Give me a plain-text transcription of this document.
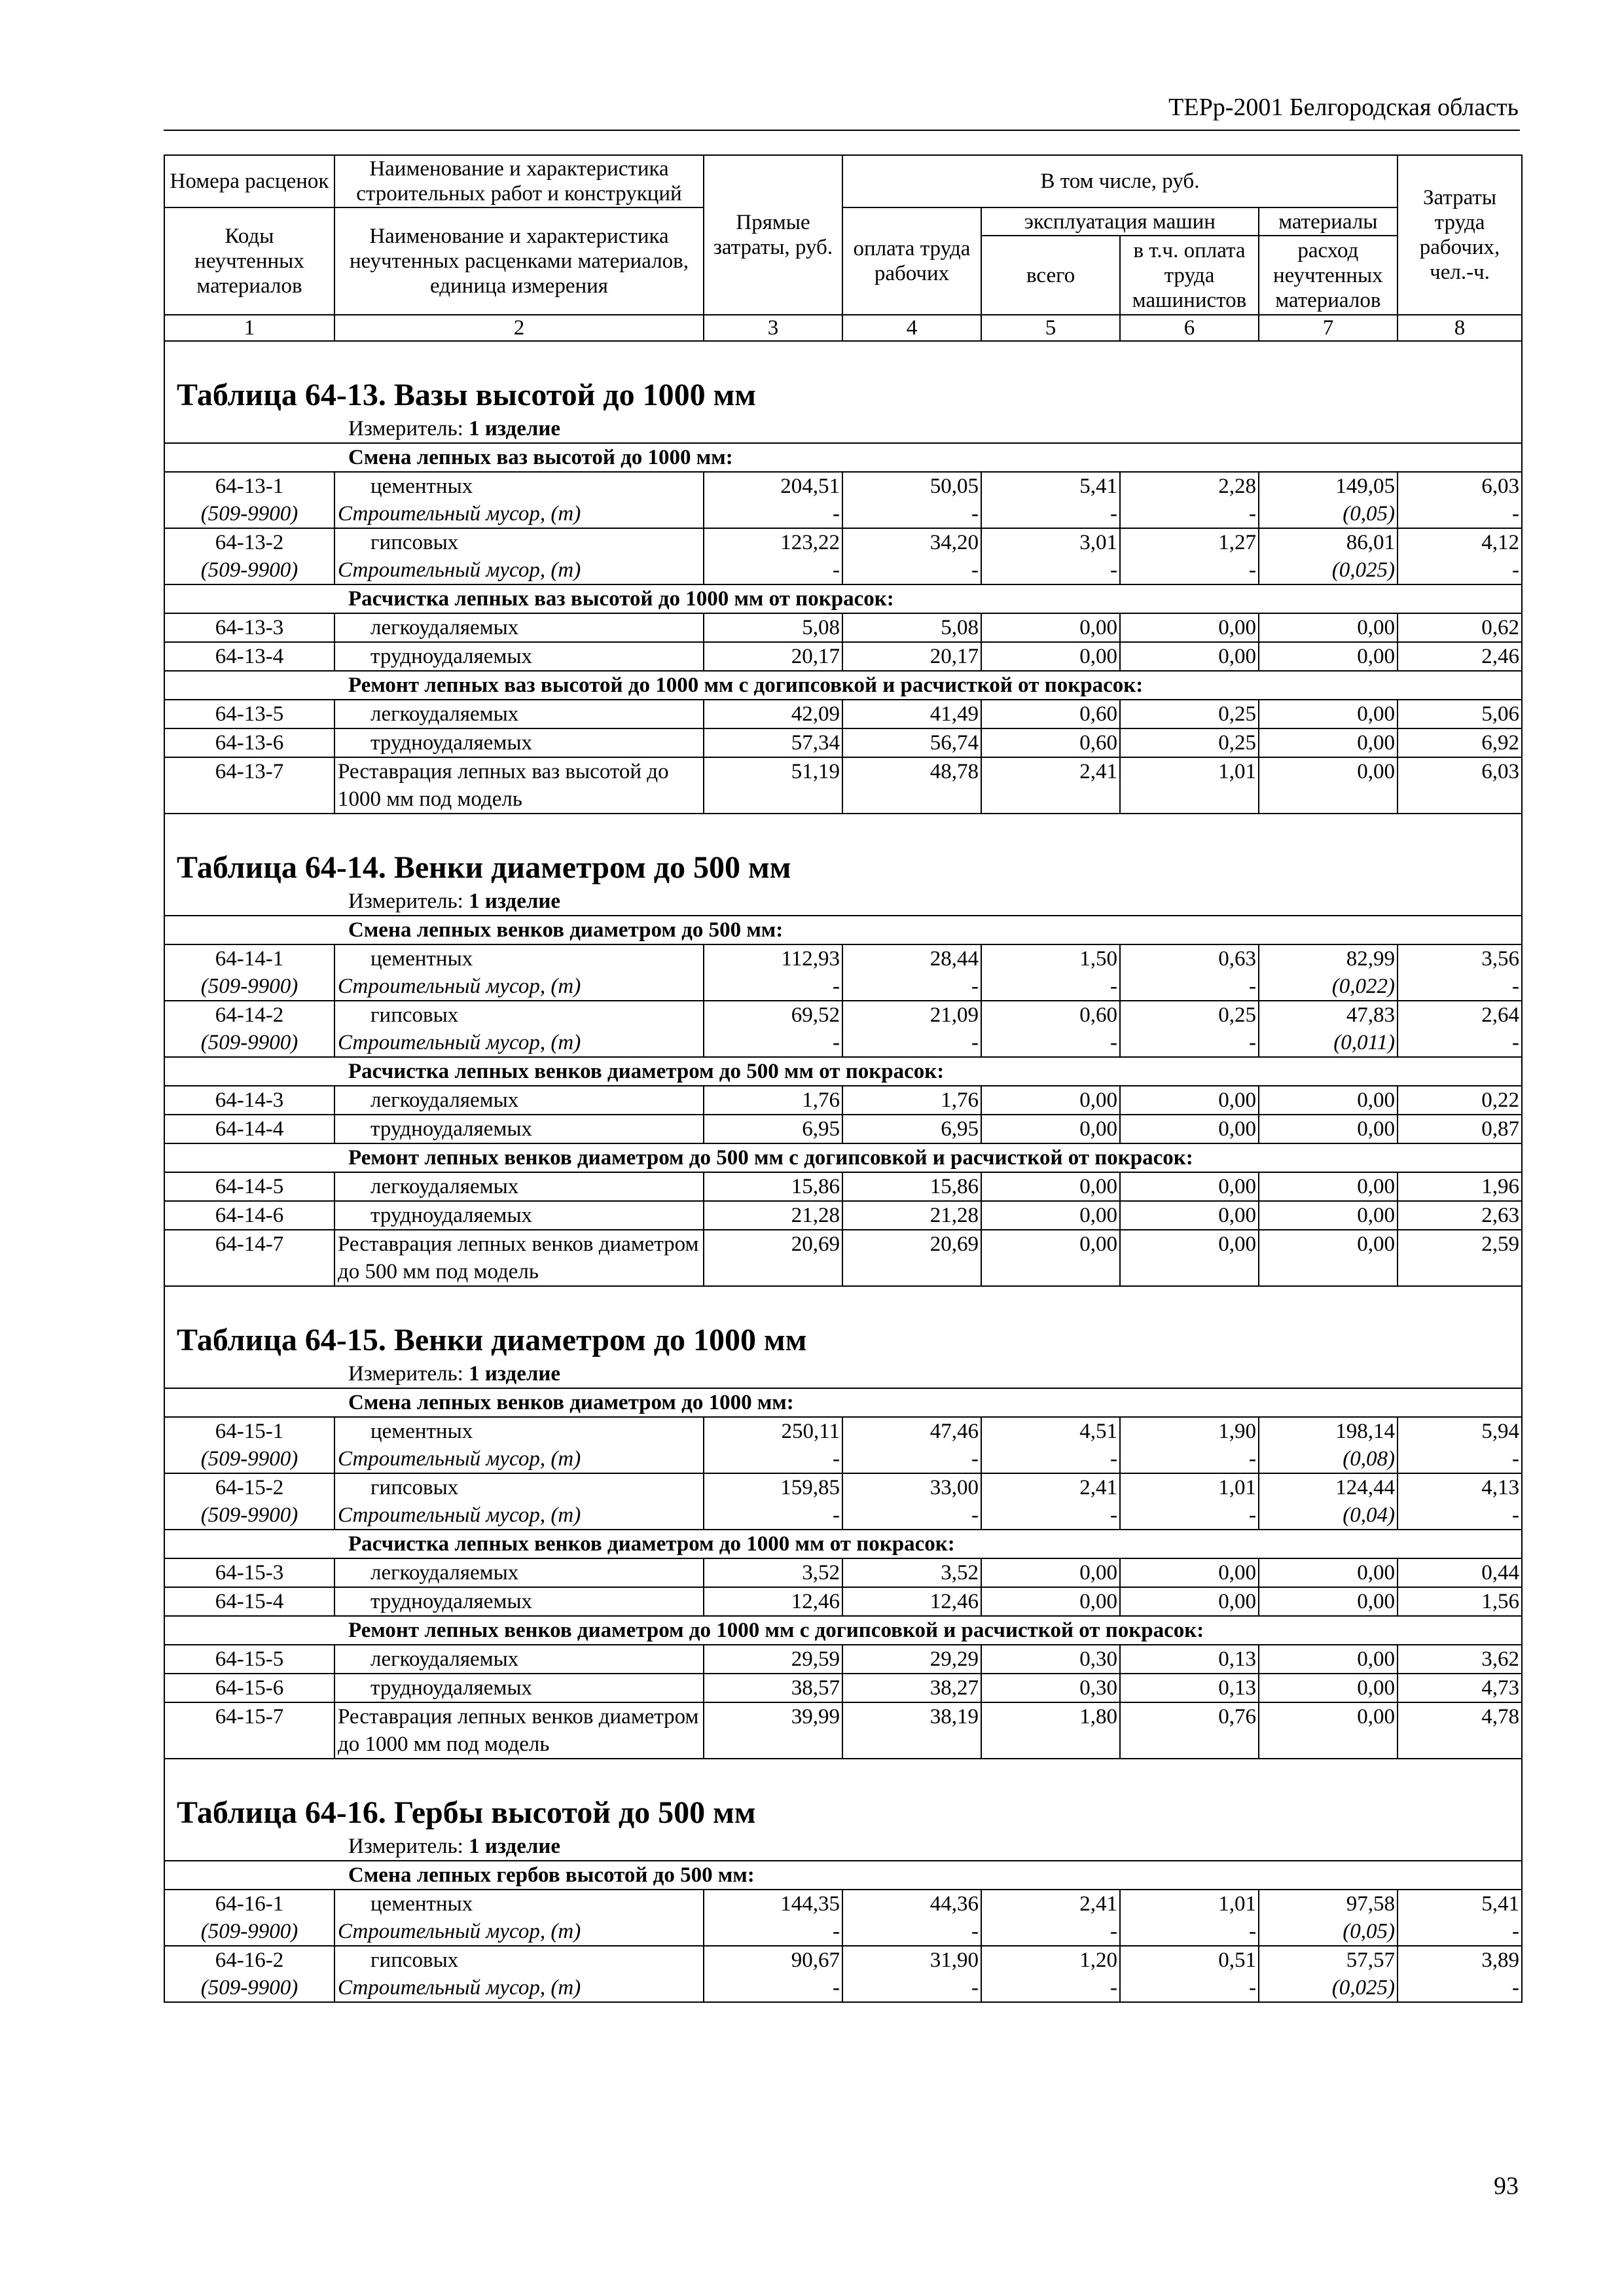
ТЕРр-2001 Белгородская область
Номера расценок	Наименование и характеристика строительных работ и конструкций	Прямые затраты, руб.	В том числе, руб.	Затраты труда рабочих, чел.-ч.

Коды неучтенных материалов	Наименование и характеристика неучтенных расценками материалов, единица измерения	оплата труда рабочих	
эксплуатация машин	материалы
всего	в т.ч. оплата труда машинистов	расход неучтенных материалов

1	2	3	4	5	6	7	8
Таблица 64-13. Вазы высотой до 1000 мм
Измеритель: 1 изделие
Смена лепных ваз высотой до 1000 мм:
64-13-1	цементных	204,51	50,05	5,41	2,28	149,05	6,03
(509-9900)	Строительный мусор, (т)	-	-	-	-	(0,05)	-
64-13-2	гипсовых	123,22	34,20	3,01	1,27	86,01	4,12
(509-9900)	Строительный мусор, (т)	-	-	-	-	(0,025)	-
Расчистка лепных ваз высотой до 1000 мм от покрасок:
64-13-3	легкоудаляемых	5,08	5,08	0,00	0,00	0,00	0,62
64-13-4	трудноудаляемых	20,17	20,17	0,00	0,00	0,00	2,46
Ремонт лепных ваз высотой до 1000 мм с догипсовкой и расчисткой от покрасок:
64-13-5	легкоудаляемых	42,09	41,49	0,60	0,25	0,00	5,06
64-13-6	трудноудаляемых	57,34	56,74	0,60	0,25	0,00	6,92
64-13-7	Реставрация лепных ваз высотой до 1000 мм под модель	51,19	48,78	2,41	1,01	0,00	6,03
Таблица 64-14. Венки диаметром до 500 мм
Измеритель: 1 изделие
Смена лепных венков диаметром до 500 мм:
64-14-1	цементных	112,93	28,44	1,50	0,63	82,99	3,56
(509-9900)	Строительный мусор, (т)	-	-	-	-	(0,022)	-
64-14-2	гипсовых	69,52	21,09	0,60	0,25	47,83	2,64
(509-9900)	Строительный мусор, (т)	-	-	-	-	(0,011)	-
Расчистка лепных венков диаметром до 500 мм от покрасок:
64-14-3	легкоудаляемых	1,76	1,76	0,00	0,00	0,00	0,22
64-14-4	трудноудаляемых	6,95	6,95	0,00	0,00	0,00	0,87
Ремонт лепных венков диаметром до 500 мм с догипсовкой и расчисткой от покрасок:
64-14-5	легкоудаляемых	15,86	15,86	0,00	0,00	0,00	1,96
64-14-6	трудноудаляемых	21,28	21,28	0,00	0,00	0,00	2,63
64-14-7	Реставрация лепных венков диаметром до 500 мм под модель	20,69	20,69	0,00	0,00	0,00	2,59
Таблица 64-15. Венки диаметром до 1000 мм
Измеритель: 1 изделие
Смена лепных венков диаметром до 1000 мм:
64-15-1	цементных	250,11	47,46	4,51	1,90	198,14	5,94
(509-9900)	Строительный мусор, (т)	-	-	-	-	(0,08)	-
64-15-2	гипсовых	159,85	33,00	2,41	1,01	124,44	4,13
(509-9900)	Строительный мусор, (т)	-	-	-	-	(0,04)	-
Расчистка лепных венков диаметром до 1000 мм от покрасок:
64-15-3	легкоудаляемых	3,52	3,52	0,00	0,00	0,00	0,44
64-15-4	трудноудаляемых	12,46	12,46	0,00	0,00	0,00	1,56
Ремонт лепных венков диаметром до 1000 мм с догипсовкой и расчисткой от покрасок:
64-15-5	легкоудаляемых	29,59	29,29	0,30	0,13	0,00	3,62
64-15-6	трудноудаляемых	38,57	38,27	0,30	0,13	0,00	4,73
64-15-7	Реставрация лепных венков диаметром до 1000 мм под модель	39,99	38,19	1,80	0,76	0,00	4,78
Таблица 64-16. Гербы высотой до 500 мм
Измеритель: 1 изделие
Смена лепных гербов высотой до 500 мм:
64-16-1	цементных	144,35	44,36	2,41	1,01	97,58	5,41
(509-9900)	Строительный мусор, (т)	-	-	-	-	(0,05)	-
64-16-2	гипсовых	90,67	31,90	1,20	0,51	57,57	3,89
(509-9900)	Строительный мусор, (т)	-	-	-	-	(0,025)	-

93
